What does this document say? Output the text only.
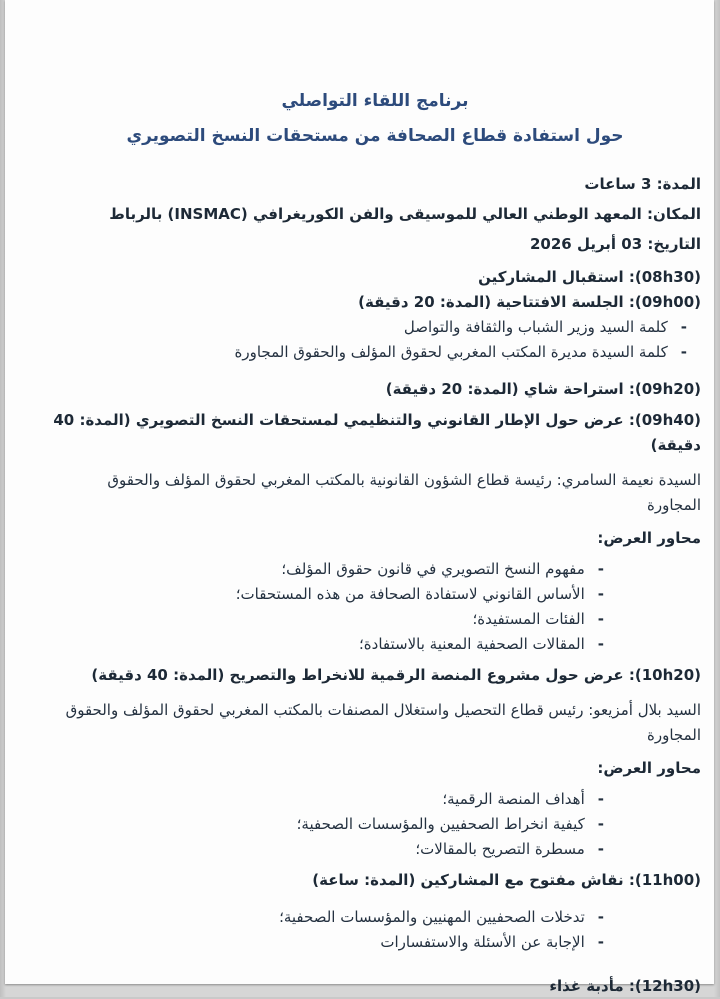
برنامج اللقاء التواصلي
حول استفادة قطاع الصحافة من مستحقات النسخ التصويري
المدة: 3 ساعات
المكان: المعهد الوطني العالي للموسيقى والفن الكوريغرافي (INSMAC) بالرباط
التاريخ: 03 أبريل 2026
(08h30): استقبال المشاركين
(09h00): الجلسة الافتتاحية (المدة: 20 دقيقة)
-
كلمة السيد وزير الشباب والثقافة والتواصل
-
كلمة السيدة مديرة المكتب المغربي لحقوق المؤلف والحقوق المجاورة
(09h20): استراحة شاي (المدة: 20 دقيقة)
(09h40): عرض حول الإطار القانوني والتنظيمي لمستحقات النسخ التصويري (المدة: 40 دقيقة)
السيدة نعيمة السامري: رئيسة قطاع الشؤون القانونية بالمكتب المغربي لحقوق المؤلف والحقوق المجاورة
محاور العرض:
-
مفهوم النسخ التصويري في قانون حقوق المؤلف؛
-
الأساس القانوني لاستفادة الصحافة من هذه المستحقات؛
-
الفئات المستفيدة؛
-
المقالات الصحفية المعنية بالاستفادة؛
(10h20): عرض حول مشروع المنصة الرقمية للانخراط والتصريح (المدة: 40 دقيقة)
السيد بلال أمزيعو: رئيس قطاع التحصيل واستغلال المصنفات بالمكتب المغربي لحقوق المؤلف والحقوق المجاورة
محاور العرض:
-
أهداف المنصة الرقمية؛
-
كيفية انخراط الصحفيين والمؤسسات الصحفية؛
-
مسطرة التصريح بالمقالات؛
(11h00): نقاش مفتوح مع المشاركين (المدة: ساعة)
-
تدخلات الصحفيين المهنيين والمؤسسات الصحفية؛
-
الإجابة عن الأسئلة والاستفسارات
(12h30): مأدبة غذاء
